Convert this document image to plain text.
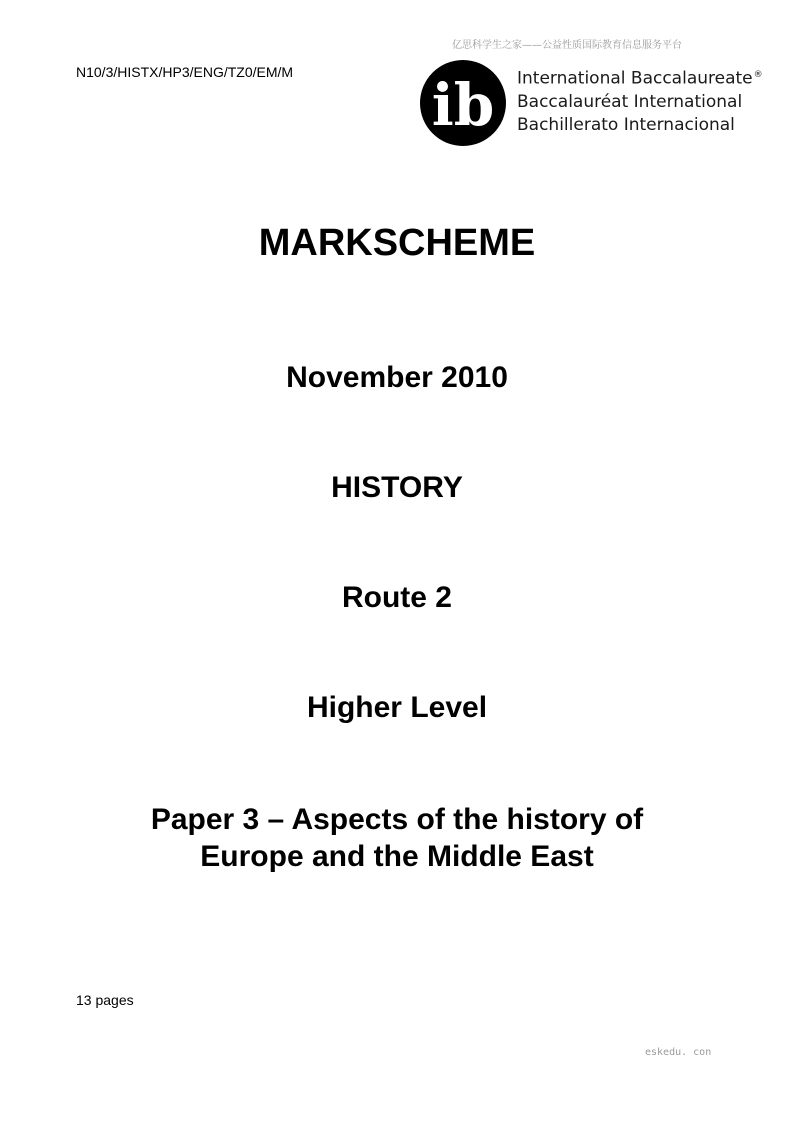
亿思科学生之家——公益性质国际教育信息服务平台
N10/3/HISTX/HP3/ENG/TZ0/EM/M ib International Baccalaureate®
Baccalauréat International
Bachillerato Internacional
MARKSCHEME
November 2010
HISTORY
Route 2
Higher Level
Paper 3 – Aspects of the history of
Europe and the Middle East
13 pages
eskedu. con
